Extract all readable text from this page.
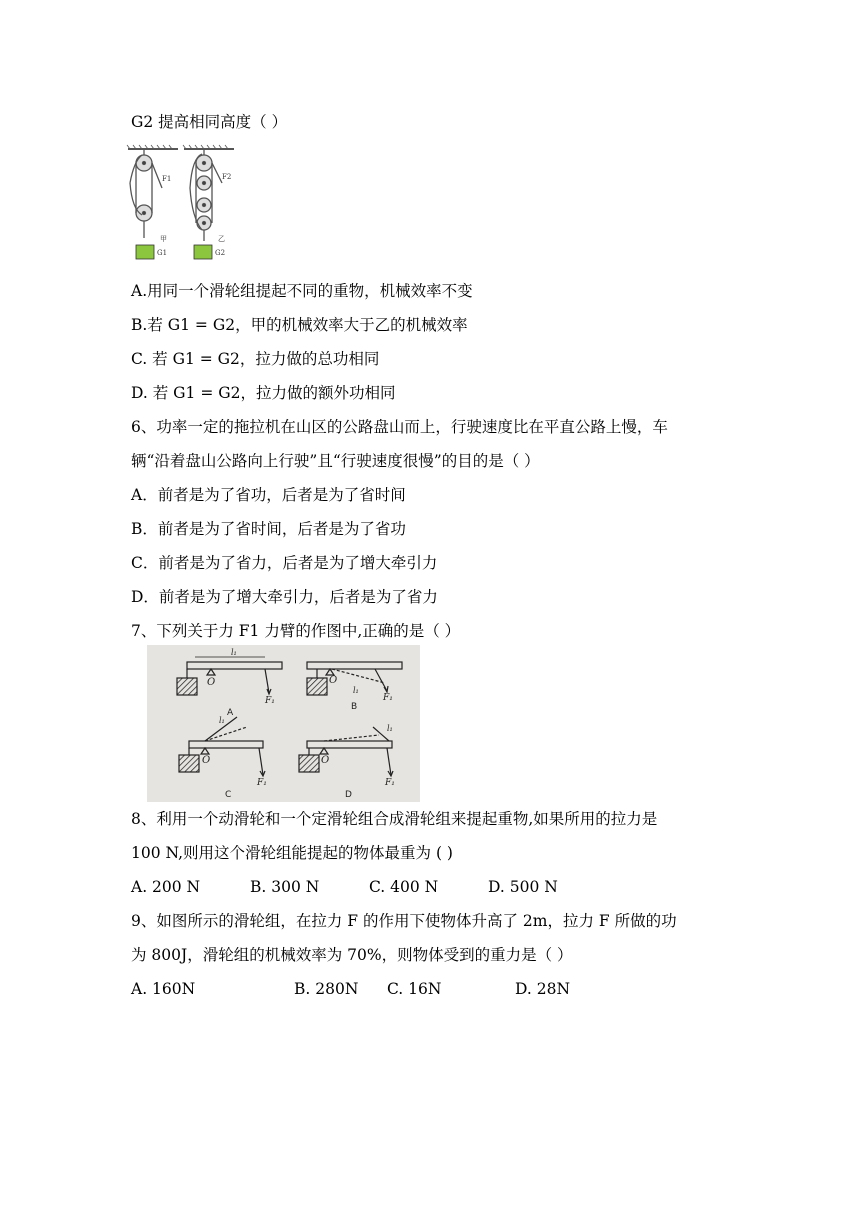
G2 提高相同高度（ ）
F1
G1
甲
F2
G2
乙
A.用同一个滑轮组提起不同的重物，机械效率不变
B.若 G1 = G2，甲的机械效率大于乙的机械效率
C. 若 G1 = G2，拉力做的总功相同
D. 若 G1 = G2，拉力做的额外功相同
6、功率一定的拖拉机在山区的公路盘山而上，行驶速度比在平直公路上慢，车
辆“沿着盘山公路向上行驶”且“行驶速度很慢”的目的是（ ）
A．前者是为了省功，后者是为了省时间
B．前者是为了省时间，后者是为了省功
C．前者是为了省力，后者是为了增大牵引力
D．前者是为了增大牵引力，后者是为了省力
7、下列关于力 F1 力臂的作图中,正确的是（ ）
O
l₁
F₁
O
l₁
F₁
O
l₁
F₁
O
l₁
F₁
A
B
C	D
8、利用一个动滑轮和一个定滑轮组合成滑轮组来提起重物,如果所用的拉力是
100 N,则用这个滑轮组能提起的物体最重为 ( )
A. 200 N	B. 300 N	C. 400 N	D. 500 N
9、如图所示的滑轮组，在拉力 F 的作用下使物体升高了 2m，拉力 F 所做的功
为 800J，滑轮组的机械效率为 70%，则物体受到的重力是（ ）
A. 160N	B. 280N C. 16N	D. 28N
